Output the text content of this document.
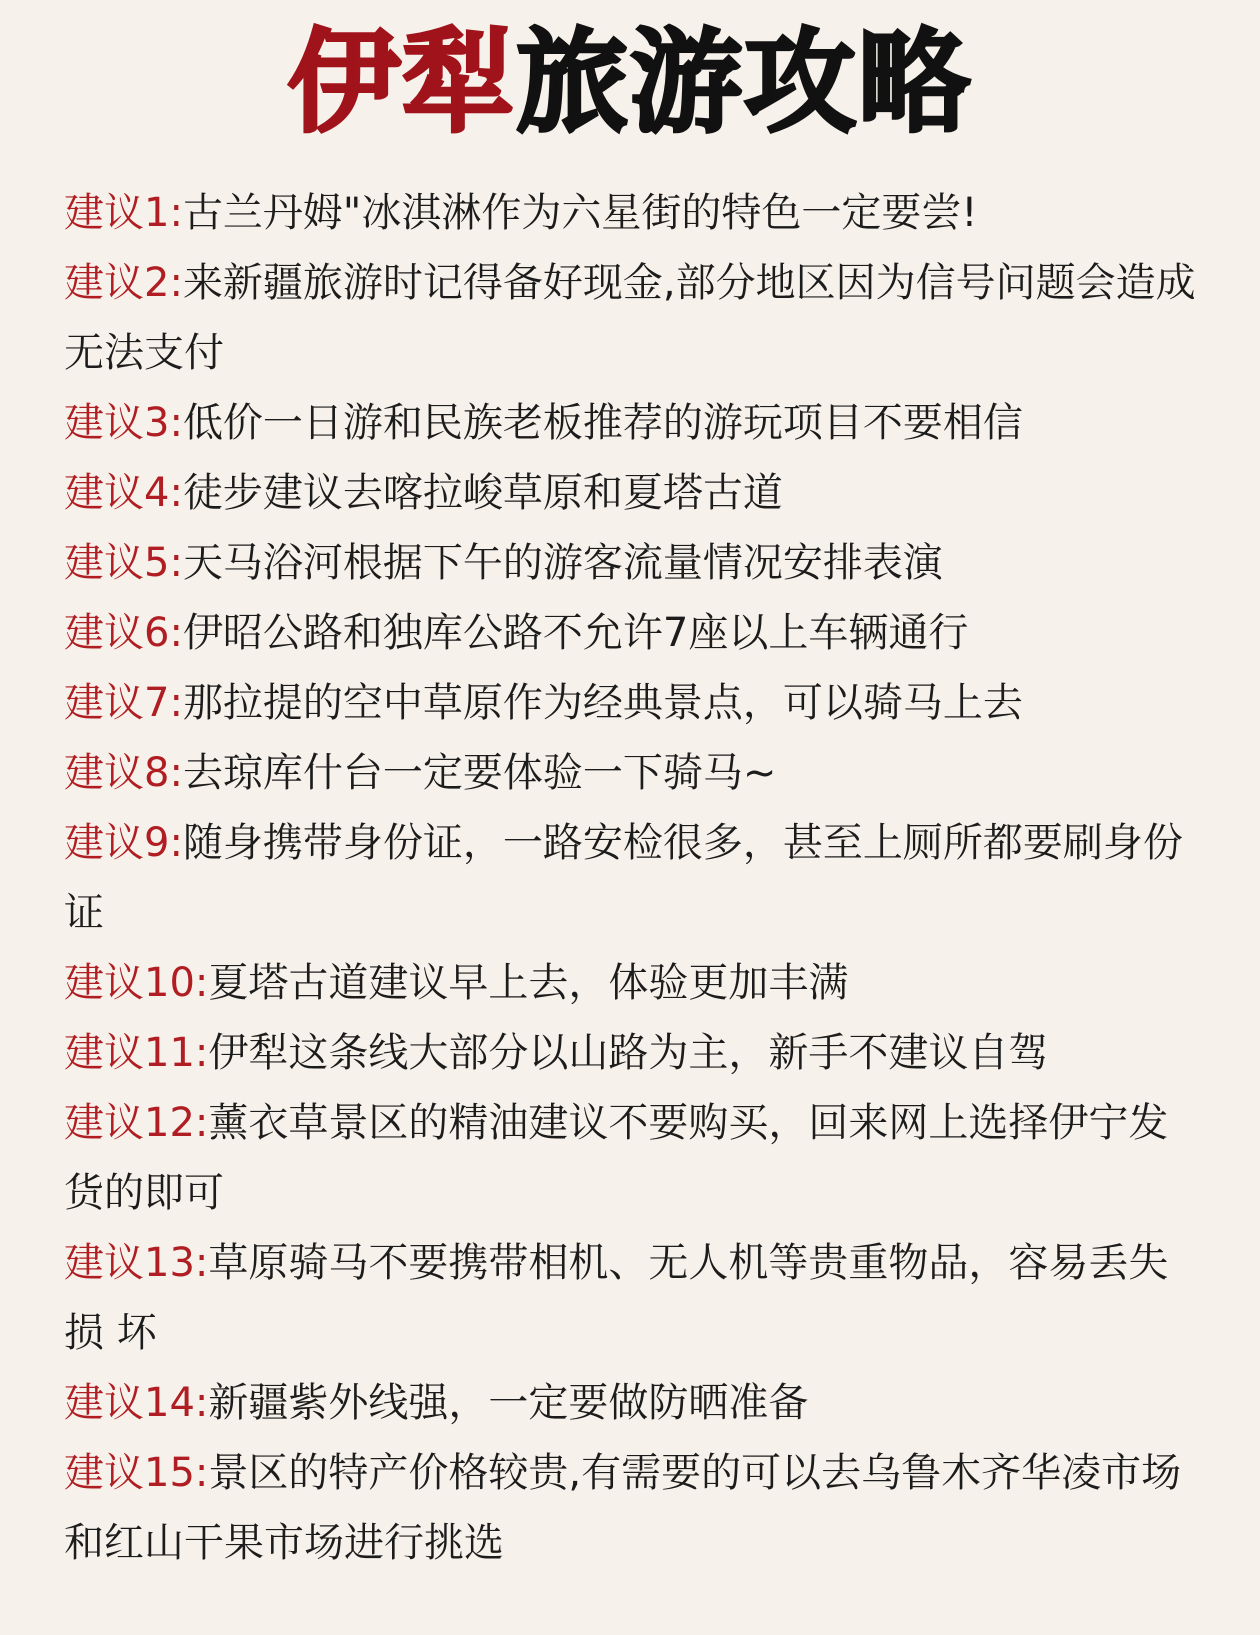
伊犁旅游攻略
建议1:古兰丹姆"冰淇淋作为六星街的特色一定要尝!
建议2:来新疆旅游时记得备好现金,部分地区因为信号问题会造成无法支付
建议3:低价一日游和民族老板推荐的游玩项目不要相信
建议4:徒步建议去喀拉峻草原和夏塔古道
建议5:天马浴河根据下午的游客流量情况安排表演
建议6:伊昭公路和独库公路不允许7座以上车辆通行
建议7:那拉提的空中草原作为经典景点，可以骑马上去
建议8:去琼库什台一定要体验一下骑马~
建议9:随身携带身份证，一路安检很多，甚至上厕所都要刷身份证
建议10:夏塔古道建议早上去，体验更加丰满
建议11:伊犁这条线大部分以山路为主，新手不建议自驾
建议12:薰衣草景区的精油建议不要购买，回来网上选择伊宁发货的即可
建议13:草原骑马不要携带相机、无人机等贵重物品，容易丢失损 坏
建议14:新疆紫外线强，一定要做防晒准备
建议15:景区的特产价格较贵,有需要的可以去乌鲁木齐华凌市场和红山干果市场进行挑选
